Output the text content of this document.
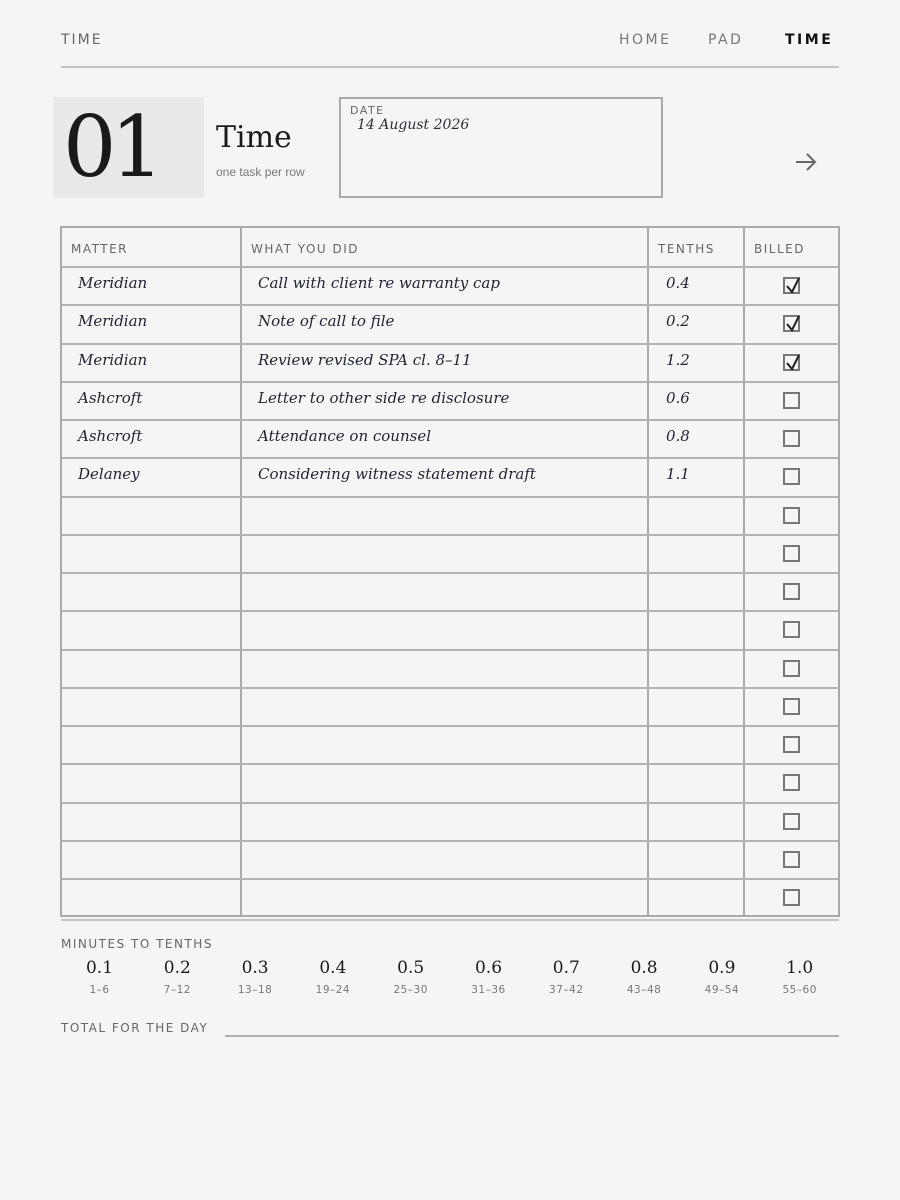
TIME	HOME	PAD	TIME
01 Time
one task per row
DATE
14 August 2026
MATTER	WHAT YOU DID	TENTHS	BILLED
Meridian	Call with client re warranty cap	0.4
Meridian	Note of call to file	0.2
Meridian	Review revised SPA cl. 8–11	1.2
Ashcroft	Letter to other side re disclosure	0.6
Ashcroft	Attendance on counsel	0.8
Delaney	Considering witness statement draft	1.1
MINUTES TO TENTHS
0.1
1–6
0.2
7–12
0.3
13–18
0.4
19–24
0.5
25–30
0.6
31–36
0.7
37–42
0.8
43–48
0.9
49–54
1.0
55–60
TOTAL FOR THE DAY
